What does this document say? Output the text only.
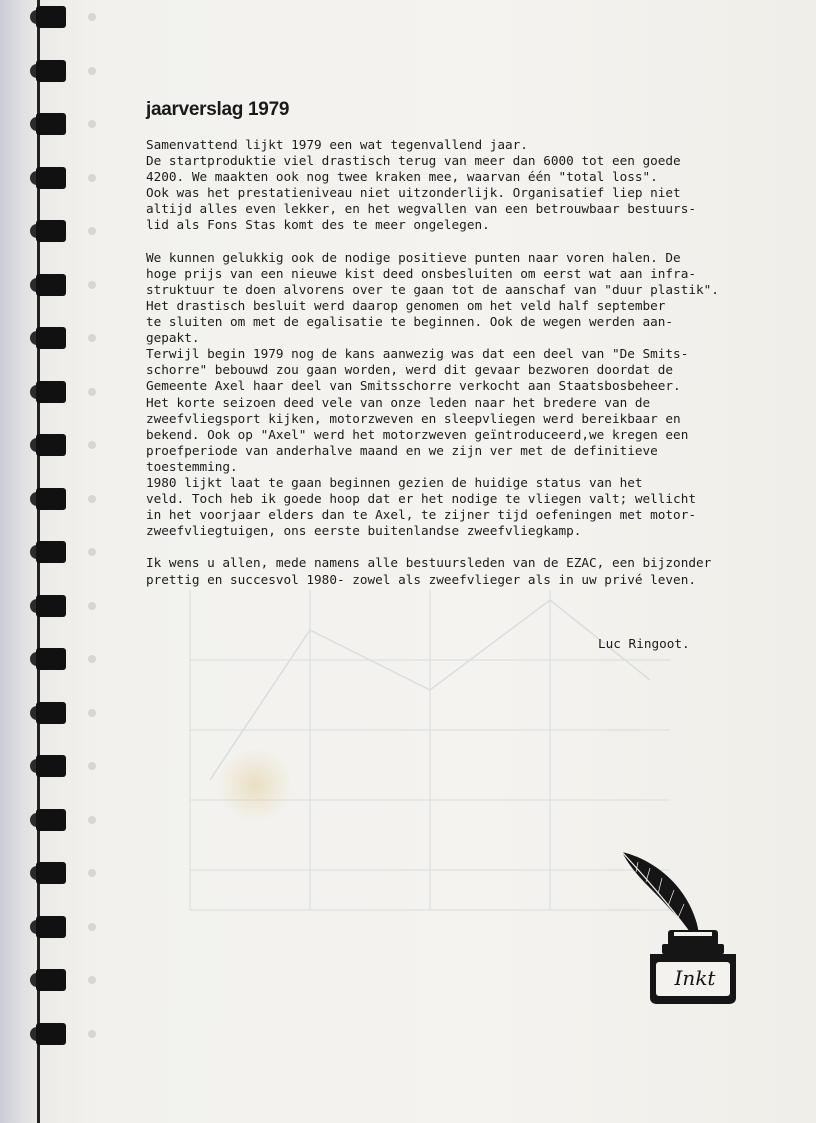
jaarverslag 1979
Samenvattend lijkt 1979 een wat tegenvallend jaar.
De startproduktie viel drastisch terug van meer dan 6000 tot een goede
4200. We maakten ook nog twee kraken mee, waarvan één "total loss".
Ook was het prestatieniveau niet uitzonderlijk. Organisatief liep niet
altijd alles even lekker, en het wegvallen van een betrouwbaar bestuurs-
lid als Fons Stas komt des te meer ongelegen.
We kunnen gelukkig ook de nodige positieve punten naar voren halen. De
hoge prijs van een nieuwe kist deed onsbesluiten om eerst wat aan infra-
struktuur te doen alvorens over te gaan tot de aanschaf van "duur plastik".
Het drastisch besluit werd daarop genomen om het veld half september
te sluiten om met de egalisatie te beginnen. Ook de wegen werden aan-
gepakt.
Terwijl begin 1979 nog de kans aanwezig was dat een deel van "De Smits-
schorre" bebouwd zou gaan worden, werd dit gevaar bezworen doordat de
Gemeente Axel haar deel van Smitsschorre verkocht aan Staatsbosbeheer.
Het korte seizoen deed vele van onze leden naar het bredere van de
zweefvliegsport kijken, motorzweven en sleepvliegen werd bereikbaar en
bekend. Ook op "Axel" werd het motorzweven geïntroduceerd,we kregen een
proefperiode van anderhalve maand en we zijn ver met de definitieve
toestemming.
1980 lijkt laat te gaan beginnen gezien de huidige status van het
veld. Toch heb ik goede hoop dat er het nodige te vliegen valt; wellicht
in het voorjaar elders dan te Axel, te zijner tijd oefeningen met motor-
zweefvliegtuigen, ons eerste buitenlandse zweefvliegkamp.
Ik wens u allen, mede namens alle bestuursleden van de EZAC, een bijzonder
prettig en succesvol 1980- zowel als zweefvlieger als in uw privé leven.
Luc Ringoot.
Inkt
